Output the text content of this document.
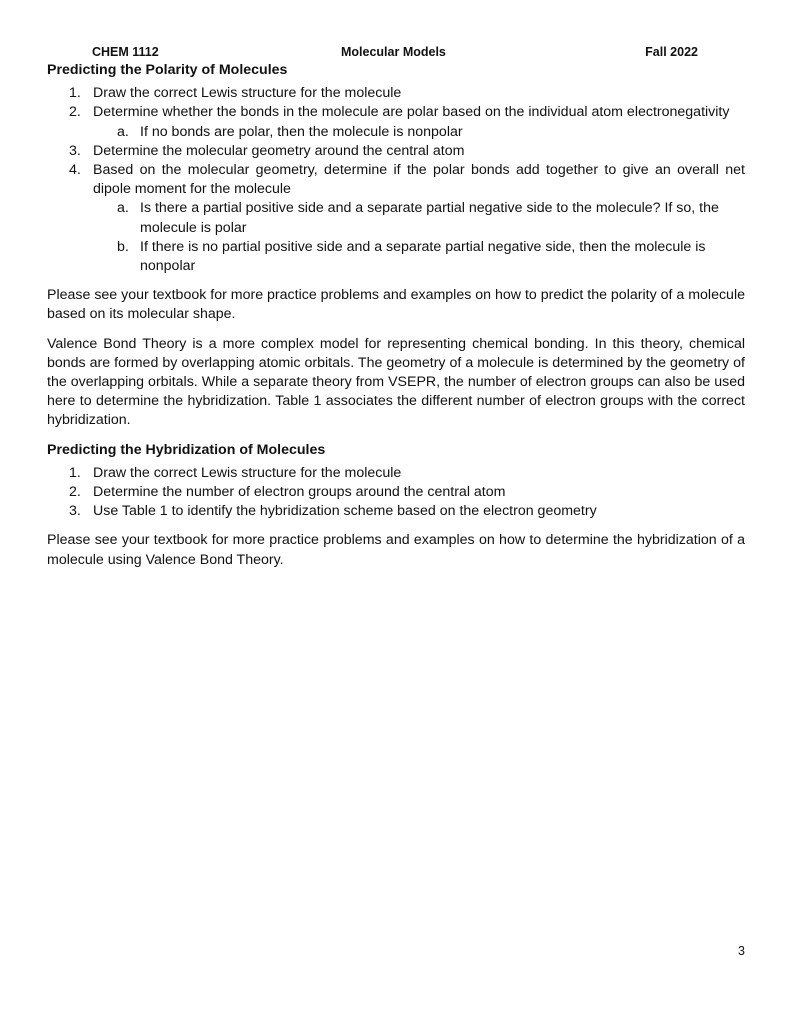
CHEM 1112	Molecular Models	Fall 2022
Predicting the Polarity of Molecules
1. Draw the correct Lewis structure for the molecule
2. Determine whether the bonds in the molecule are polar based on the individual atom electronegativity
a. If no bonds are polar, then the molecule is nonpolar
3. Determine the molecular geometry around the central atom
4. Based on the molecular geometry, determine if the polar bonds add together to give an overall net dipole moment for the molecule
a. Is there a partial positive side and a separate partial negative side to the molecule? If so, the molecule is polar
b. If there is no partial positive side and a separate partial negative side, then the molecule is nonpolar

Please see your textbook for more practice problems and examples on how to predict the polarity of a molecule based on its molecular shape.

Valence Bond Theory is a more complex model for representing chemical bonding. In this theory, chemical bonds are formed by overlapping atomic orbitals. The geometry of a molecule is determined by the geometry of the overlapping orbitals. While a separate theory from VSEPR, the number of electron groups can also be used here to determine the hybridization. Table 1 associates the different number of electron groups with the correct hybridization.

Predicting the Hybridization of Molecules
1. Draw the correct Lewis structure for the molecule
2. Determine the number of electron groups around the central atom
3. Use Table 1 to identify the hybridization scheme based on the electron geometry

Please see your textbook for more practice problems and examples on how to determine the hybridization of a molecule using Valence Bond Theory.

3
